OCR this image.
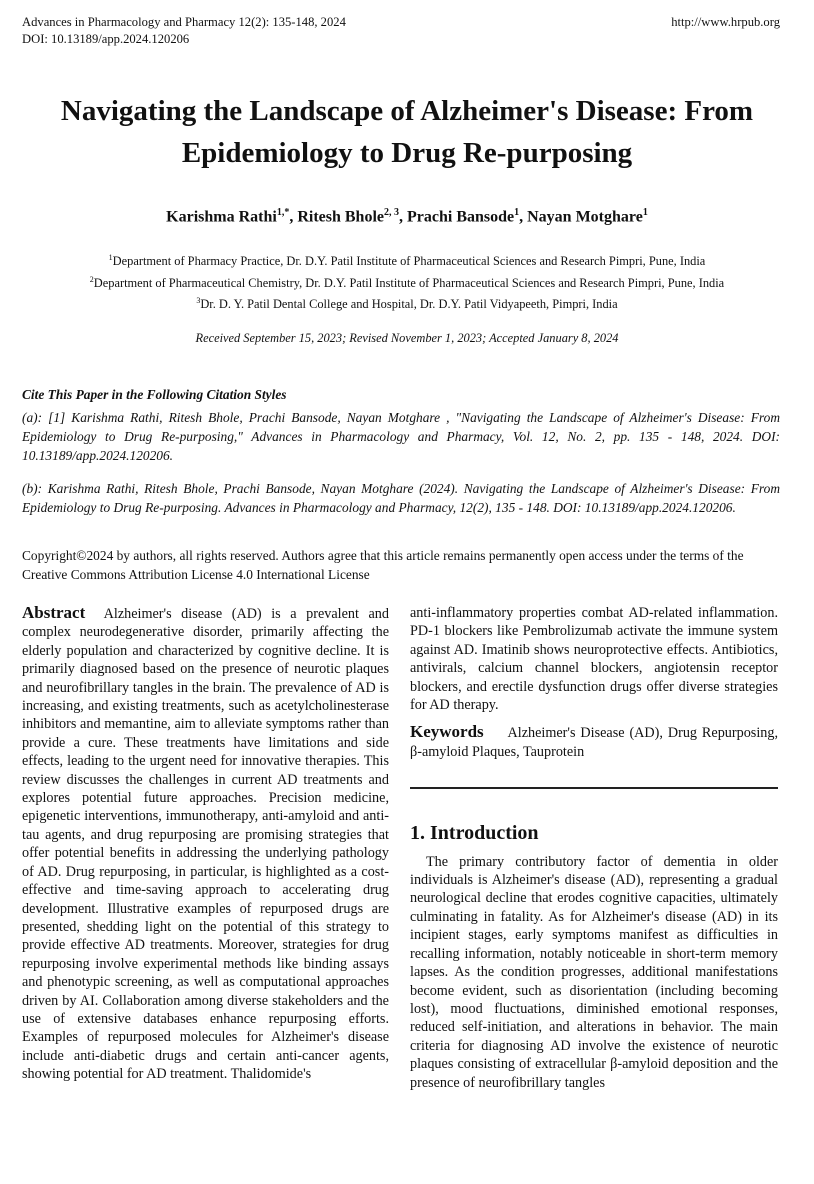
Advances in Pharmacology and Pharmacy 12(2): 135-148, 2024
DOI: 10.13189/app.2024.120206
http://www.hrpub.org
Navigating the Landscape of Alzheimer's Disease: From Epidemiology to Drug Re-purposing
Karishma Rathi$^{1,*}$, Ritesh Bhole$^{2, 3}$, Prachi Bansode$^1$, Nayan Motghare$^1$
$^1$Department of Pharmacy Practice, Dr. D.Y. Patil Institute of Pharmaceutical Sciences and Research Pimpri, Pune, India
$^2$Department of Pharmaceutical Chemistry, Dr. D.Y. Patil Institute of Pharmaceutical Sciences and Research Pimpri, Pune, India
$^3$Dr. D. Y. Patil Dental College and Hospital, Dr. D.Y. Patil Vidyapeeth, Pimpri, India
Received September 15, 2023; Revised November 1, 2023; Accepted January 8, 2024
Cite This Paper in the Following Citation Styles
(a): [1] Karishma Rathi, Ritesh Bhole, Prachi Bansode, Nayan Motghare , "Navigating the Landscape of Alzheimer's Disease: From Epidemiology to Drug Re-purposing," Advances in Pharmacology and Pharmacy, Vol. 12, No. 2, pp. 135 - 148, 2024. DOI: 10.13189/app.2024.120206.
(b): Karishma Rathi, Ritesh Bhole, Prachi Bansode, Nayan Motghare (2024). Navigating the Landscape of Alzheimer's Disease: From Epidemiology to Drug Re-purposing. Advances in Pharmacology and Pharmacy, 12(2), 135 - 148. DOI: 10.13189/app.2024.120206.
Copyright©2024 by authors, all rights reserved. Authors agree that this article remains permanently open access under the terms of the Creative Commons Attribution License 4.0 International License
Abstract Alzheimer's disease (AD) is a prevalent and complex neurodegenerative disorder, primarily affecting the elderly population and characterized by cognitive decline. It is primarily diagnosed based on the presence of neurotic plaques and neurofibrillary tangles in the brain. The prevalence of AD is increasing, and existing treatments, such as acetylcholinesterase inhibitors and memantine, aim to alleviate symptoms rather than provide a cure. These treatments have limitations and side effects, leading to the urgent need for innovative therapies. This review discusses the challenges in current AD treatments and explores potential future approaches. Precision medicine, epigenetic interventions, immunotherapy, anti-amyloid and anti-tau agents, and drug repurposing are promising strategies that offer potential benefits in addressing the underlying pathology of AD. Drug repurposing, in particular, is highlighted as a cost-effective and time-saving approach to accelerating drug development. Illustrative examples of repurposed drugs are presented, shedding light on the potential of this strategy to provide effective AD treatments. Moreover, strategies for drug repurposing involve experimental methods like binding assays and phenotypic screening, as well as computational approaches driven by AI. Collaboration among diverse stakeholders and the use of extensive databases enhance repurposing efforts. Examples of repurposed molecules for Alzheimer's disease include anti-diabetic drugs and certain anti-cancer agents, showing potential for AD treatment. Thalidomide's
anti-inflammatory properties combat AD-related inflammation. PD-1 blockers like Pembrolizumab activate the immune system against AD. Imatinib shows neuroprotective effects. Antibiotics, antivirals, calcium channel blockers, angiotensin receptor blockers, and erectile dysfunction drugs offer diverse strategies for AD therapy.
Keywords Alzheimer's Disease (AD), Drug Repurposing, β-amyloid Plaques, Tauprotein
1. Introduction
The primary contributory factor of dementia in older individuals is Alzheimer's disease (AD), representing a gradual neurological decline that erodes cognitive capacities, ultimately culminating in fatality. As for Alzheimer's disease (AD) in its incipient stages, early symptoms manifest as difficulties in recalling information, notably noticeable in short-term memory lapses. As the condition progresses, additional manifestations become evident, such as disorientation (including becoming lost), mood fluctuations, diminished emotional responses, reduced self-initiation, and alterations in behavior. The main criteria for diagnosing AD involve the existence of neurotic plaques consisting of extracellular β-amyloid deposition and the presence of neurofibrillary tangles
